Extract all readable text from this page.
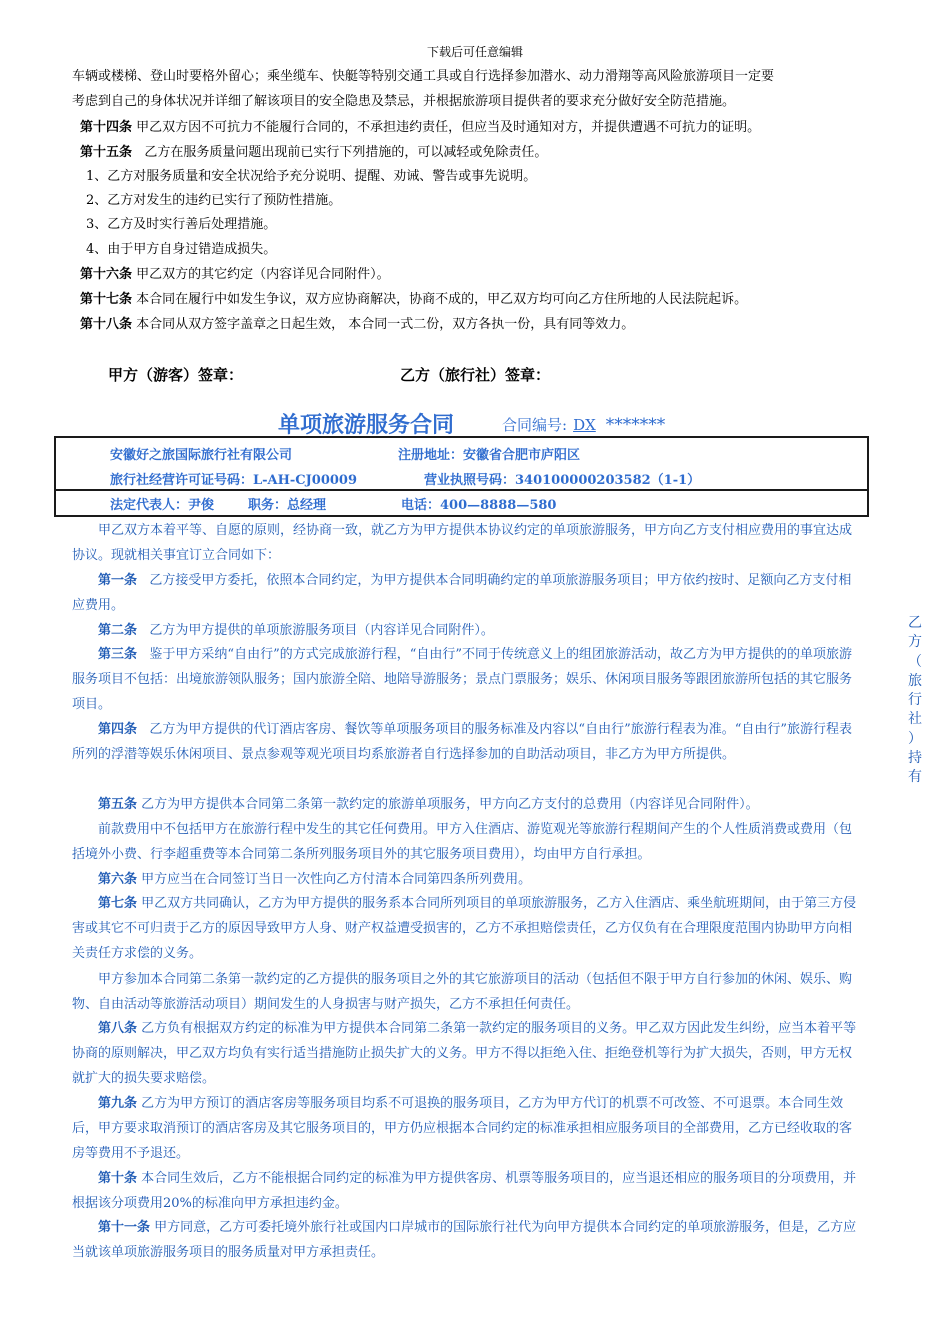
下载后可任意编辑
车辆或楼梯、登山时要格外留心；乘坐缆车、快艇等特别交通工具或自行选择参加潜水、动力滑翔等高风险旅游项目一定要
考虑到自己的身体状况并详细了解该项目的安全隐患及禁忌，并根据旅游项目提供者的要求充分做好安全防范措施。
第十四条 甲乙双方因不可抗力不能履行合同的，不承担违约责任，但应当及时通知对方，并提供遭遇不可抗力的证明。
第十五条 乙方在服务质量问题出现前已实行下列措施的，可以减轻或免除责任。
1、乙方对服务质量和安全状况给予充分说明、提醒、劝诫、警告或事先说明。
2、乙方对发生的违约已实行了预防性措施。
3、乙方及时实行善后处理措施。
4、由于甲方自身过错造成损失。
第十六条 甲乙双方的其它约定（内容详见合同附件）。
第十七条 本合同在履行中如发生争议，双方应协商解决，协商不成的，甲乙双方均可向乙方住所地的人民法院起诉。
第十八条 本合同从双方签字盖章之日起生效， 本合同一式二份，双方各执一份，具有同等效力。
甲方（游客）签章：	乙方（旅行社）签章：
单项旅游服务合同	合同编号: DX *******
安徽好之旅国际旅行社有限公司	注册地址：安徽省合肥市庐阳区
旅行社经营许可证号码：L-AH-CJ00009	营业执照号码：340100000203582（1-1）
法定代表人：尹俊	职务：总经理	电话：400—8888—580

甲乙双方本着平等、自愿的原则，经协商一致，就乙方为甲方提供本协议约定的单项旅游服务，甲方向乙方支付相应费用的事宜达成协议。现就相关事宜订立合同如下：

第一条 乙方接受甲方委托，依照本合同约定，为甲方提供本合同明确约定的单项旅游服务项目；甲方依约按时、足额向乙方支付相应费用。

第二条 乙方为甲方提供的单项旅游服务项目（内容详见合同附件）。

第三条 鉴于甲方采纳“自由行”的方式完成旅游行程，“自由行”不同于传统意义上的组团旅游活动，故乙方为甲方提供的的单项旅游服务项目不包括：出境旅游领队服务；国内旅游全陪、地陪导游服务；景点门票服务；娱乐、休闲项目服务等跟团旅游所包括的其它服务项目。

第四条 乙方为甲方提供的代订酒店客房、餐饮等单项服务项目的服务标准及内容以“自由行”旅游行程表为准。“自由行”旅游行程表所列的浮潜等娱乐休闲项目、景点参观等观光项目均系旅游者自行选择参加的自助活动项目，非乙方为甲方所提供。

第五条 乙方为甲方提供本合同第二条第一款约定的旅游单项服务，甲方向乙方支付的总费用（内容详见合同附件）。

前款费用中不包括甲方在旅游行程中发生的其它任何费用。甲方入住酒店、游览观光等旅游行程期间产生的个人性质消费或费用（包括境外小费、行李超重费等本合同第二条所列服务项目外的其它服务项目费用），均由甲方自行承担。

第六条 甲方应当在合同签订当日一次性向乙方付清本合同第四条所列费用。

第七条 甲乙双方共同确认，乙方为甲方提供的服务系本合同所列项目的单项旅游服务，乙方入住酒店、乘坐航班期间，由于第三方侵害或其它不可归责于乙方的原因导致甲方人身、财产权益遭受损害的，乙方不承担赔偿责任，乙方仅负有在合理限度范围内协助甲方向相关责任方求偿的义务。

甲方参加本合同第二条第一款约定的乙方提供的服务项目之外的其它旅游项目的活动（包括但不限于甲方自行参加的休闲、娱乐、购物、自由活动等旅游活动项目）期间发生的人身损害与财产损失，乙方不承担任何责任。

第八条 乙方负有根据双方约定的标准为甲方提供本合同第二条第一款约定的服务项目的义务。甲乙双方因此发生纠纷，应当本着平等协商的原则解决，甲乙双方均负有实行适当措施防止损失扩大的义务。甲方不得以拒绝入住、拒绝登机等行为扩大损失，否则，甲方无权就扩大的损失要求赔偿。

第九条 乙方为甲方预订的酒店客房等服务项目均系不可退换的服务项目，乙方为甲方代订的机票不可改签、不可退票。本合同生效后，甲方要求取消预订的酒店客房及其它服务项目的，甲方仍应根据本合同约定的标准承担相应服务项目的全部费用，乙方已经收取的客房等费用不予退还。

第十条 本合同生效后，乙方不能根据合同约定的标准为甲方提供客房、机票等服务项目的，应当退还相应的服务项目的分项费用，并根据该分项费用20%的标准向甲方承担违约金。

第十一条 甲方同意，乙方可委托境外旅行社或国内口岸城市的国际旅行社代为向甲方提供本合同约定的单项旅游服务，但是，乙方应当就该单项旅游服务项目的服务质量对甲方承担责任。

乙
方
（
旅
行
社
）
持
有
